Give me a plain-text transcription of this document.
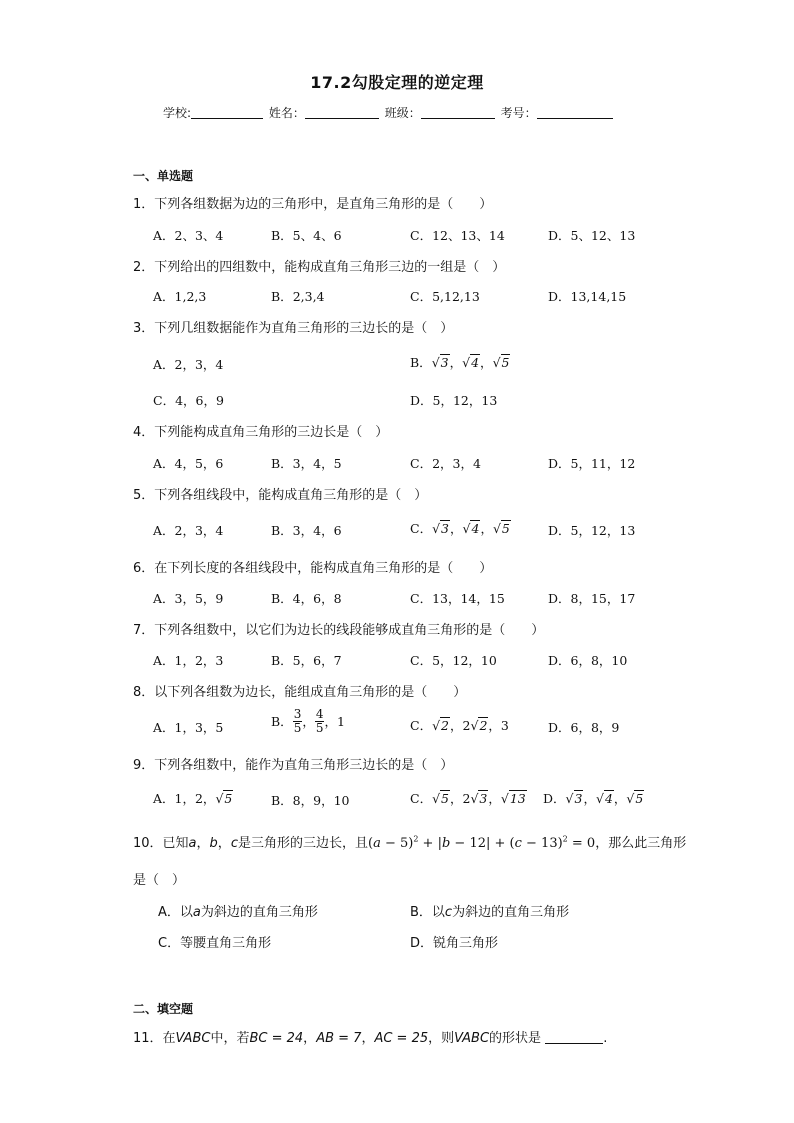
17.2勾股定理的逆定理
学校:	姓名：	班级：	考号：
一、单选题
1．下列各组数据为边的三角形中，是直角三角形的是（　　）
A．2、3、4	B．5、4、6	C．12、13、14	D．5、12、13
2．下列给出的四组数中，能构成直角三角形三边的一组是（　）
A．1,2,3	B．2,3,4	C．5,12,13	D．13,14,15
3．下列几组数据能作为直角三角形的三边长的是（　）
A．2，3，4	B．√3，√4，√5
C．4，6，9	D．5，12，13
4．下列能构成直角三角形的三边长是（　）
A．4，5，6	B．3，4，5	C．2，3，4	D．5，11，12
5．下列各组线段中，能构成直角三角形的是（　）
A．2，3，4	B．3，4，6	C．√3，√4，√5	D．5，12，13
6．在下列长度的各组线段中，能构成直角三角形的是（　　）
A．3，5，9	B．4，6，8	C．13，14，15	D．8，15，17
7．下列各组数中，以它们为边长的线段能够成直角三角形的是（　　）
A．1，2，3	B．5，6，7	C．5，12，10	D．6，8，10
8．以下列各组数为边长，能组成直角三角形的是（　　）
A．1，3，5	B． $\frac{3}{5}$ ， $\frac{4}{5}$ ，1	C．√2，2√2，3	D．6，8，9
9．下列各组数中，能作为直角三角形三边长的是（　）
A．1，2，√5	B．8，9，10	C．√5，2√3，√13 D．√3，√4，√5
10．已知a，b，c是三角形的三边长，且$(a - 5)^2 + |b - 12| + (c - 13)^2 = 0$，那么此三角形
是（　）
A．以a为斜边的直角三角形	B．以c为斜边的直角三角形
C．等腰直角三角形	D．锐角三角形
二、填空题
11．在VABC中，若BC = 24，AB = 7，AC = 25，则VABC的形状是	.
